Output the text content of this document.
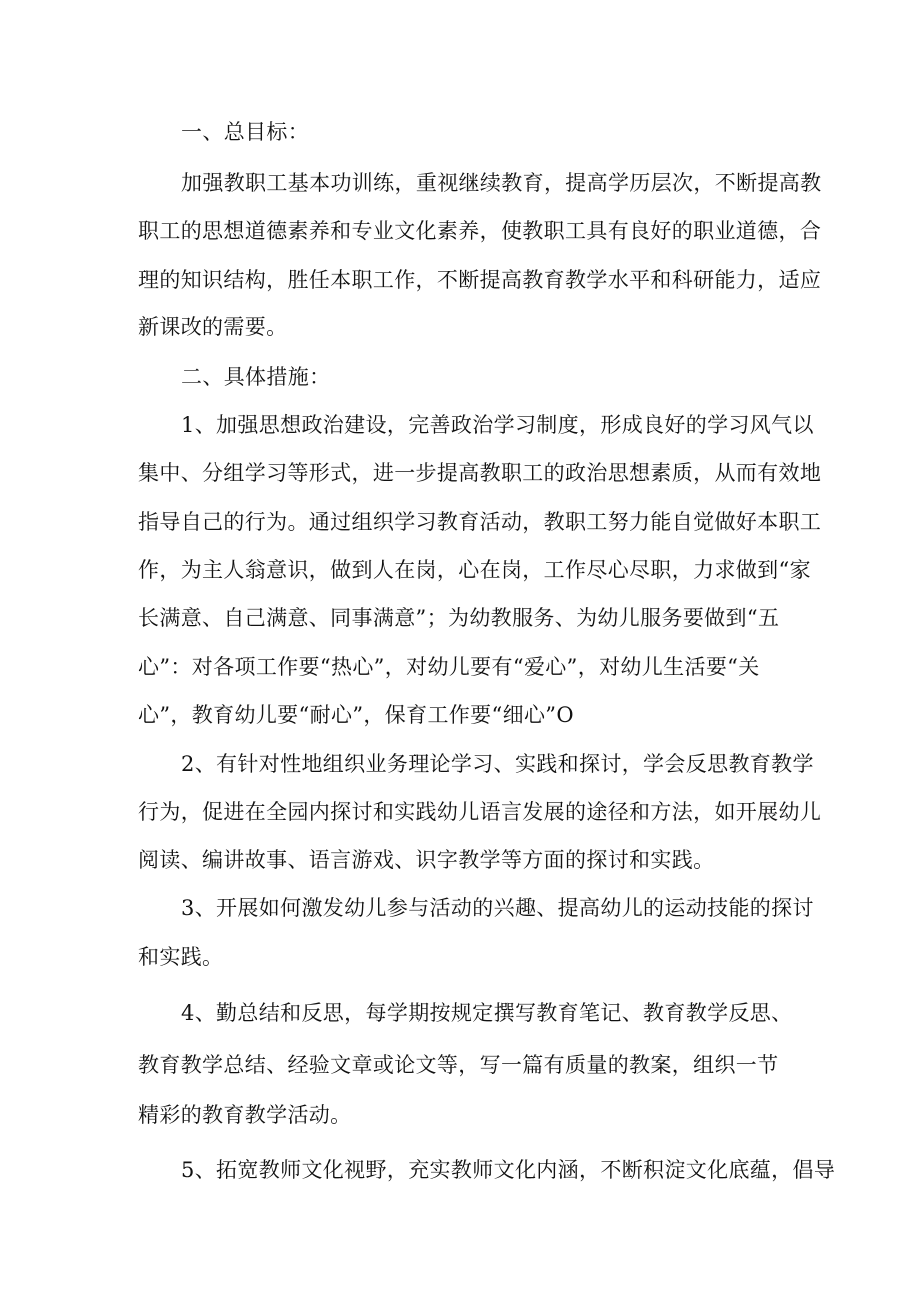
一、总目标：
加强教职工基本功训练，重视继续教育，提高学历层次，不断提高教
职工的思想道德素养和专业文化素养，使教职工具有良好的职业道德，合
理的知识结构，胜任本职工作，不断提高教育教学水平和科研能力，适应
新课改的需要。
二、具体措施：
1、加强思想政治建设，完善政治学习制度，形成良好的学习风气以
集中、分组学习等形式，进一步提高教职工的政治思想素质，从而有效地
指导自己的行为。通过组织学习教育活动，教职工努力能自觉做好本职工
作，为主人翁意识，做到人在岗，心在岗，工作尽心尽职，力求做到“家
长满意、自己满意、同事满意”；为幼教服务、为幼儿服务要做到“五
心”：对各项工作要“热心”，对幼儿要有“爱心”，对幼儿生活要“关
心”，教育幼儿要“耐心”，保育工作要“细心”O
2、有针对性地组织业务理论学习、实践和探讨，学会反思教育教学
行为，促进在全园内探讨和实践幼儿语言发展的途径和方法，如开展幼儿
阅读、编讲故事、语言游戏、识字教学等方面的探讨和实践。
3、开展如何激发幼儿参与活动的兴趣、提高幼儿的运动技能的探讨
和实践。
4、勤总结和反思，每学期按规定撰写教育笔记、教育教学反思、
教育教学总结、经验文章或论文等，写一篇有质量的教案，组织一节
精彩的教育教学活动。
5、拓宽教师文化视野，充实教师文化内涵，不断积淀文化底蕴，倡导
